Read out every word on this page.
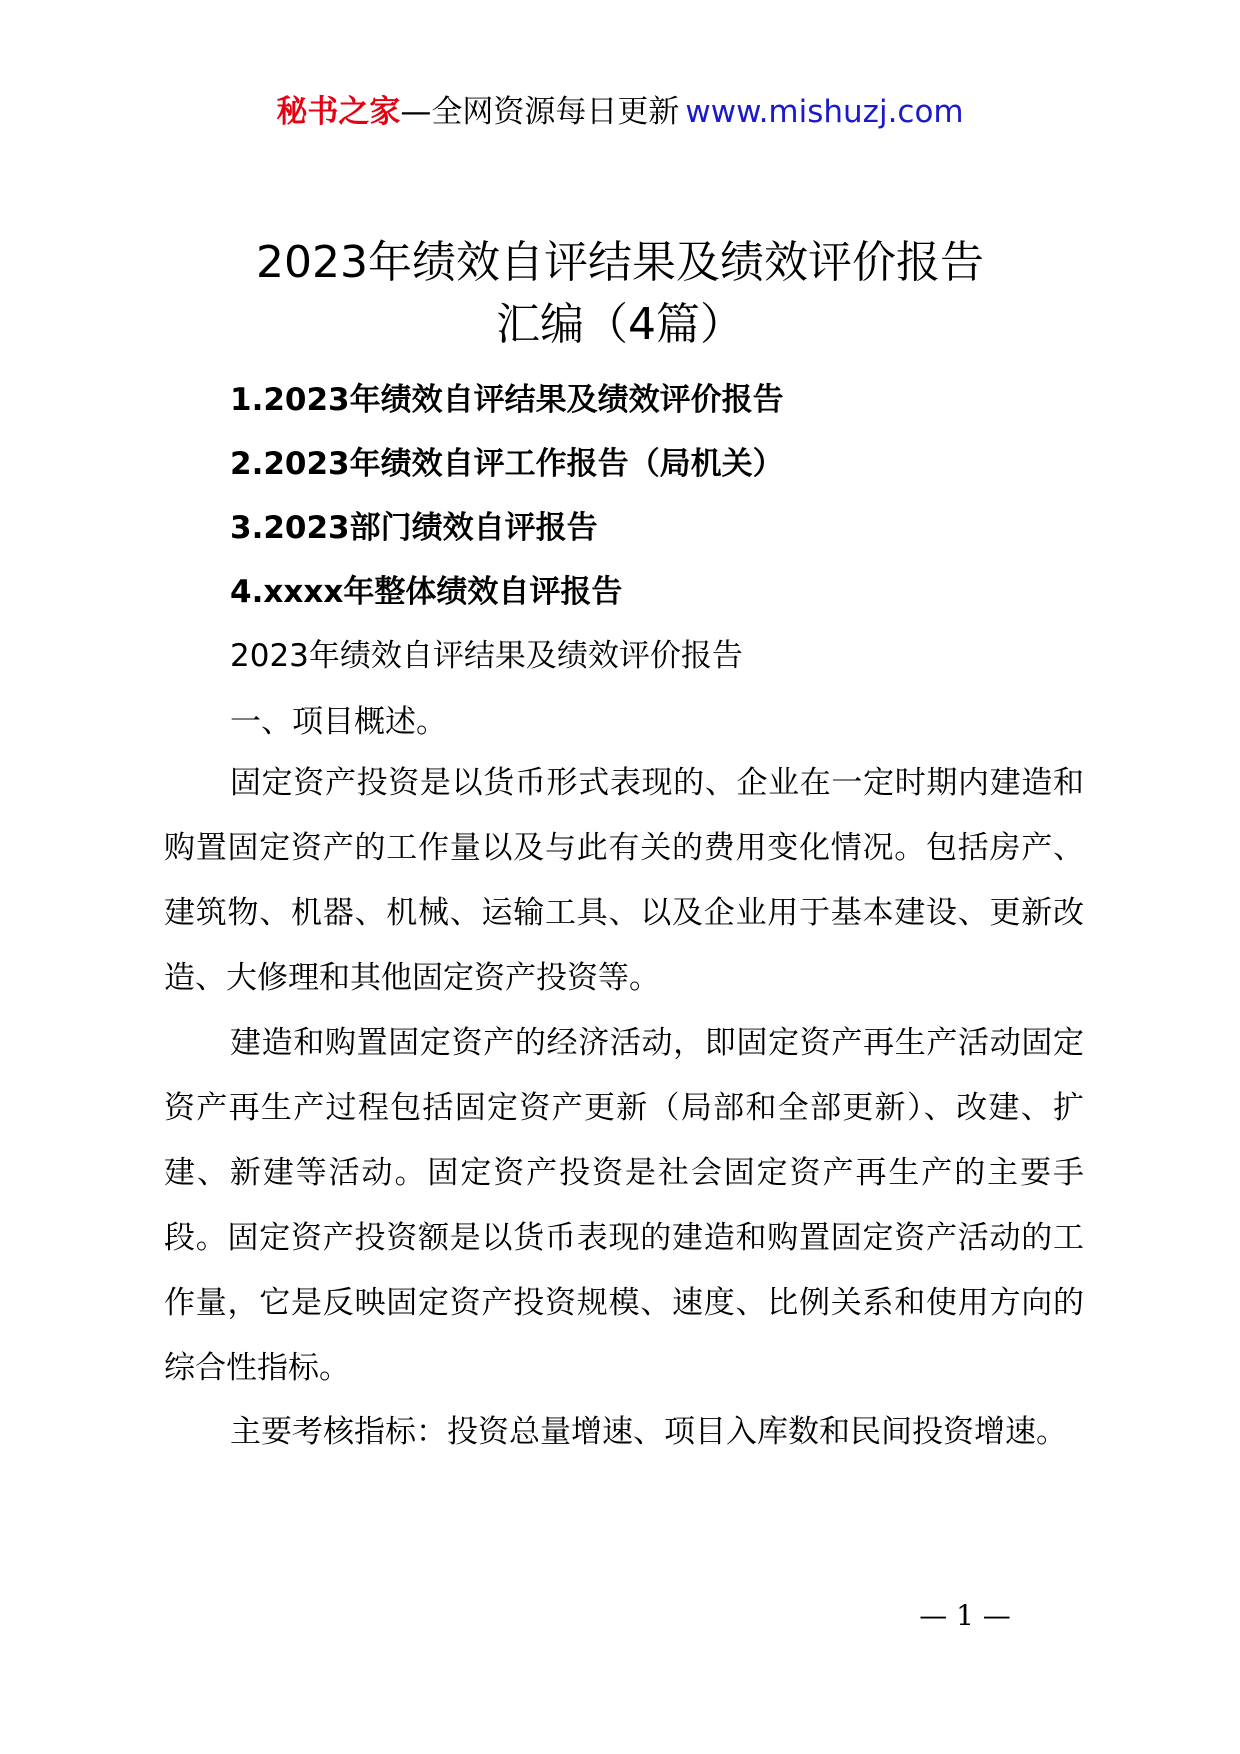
秘书之家—全网资源每日更新 www.mishuzj.com
2023年绩效自评结果及绩效评价报告
汇编（4篇）
1.2023年绩效自评结果及绩效评价报告
2.2023年绩效自评工作报告（局机关）
3.2023部门绩效自评报告
4.xxxx年整体绩效自评报告
2023年绩效自评结果及绩效评价报告
一、项目概述。
固定资产投资是以货币形式表现的、企业在一定时期内建造和购置固定资产的工作量以及与此有关的费用变化情况。包括房产、建筑物、机器、机械、运输工具、以及企业用于基本建设、更新改造、大修理和其他固定资产投资等。
建造和购置固定资产的经济活动，即固定资产再生产活动固定资产再生产过程包括固定资产更新（局部和全部更新）、改建、扩建、新建等活动。固定资产投资是社会固定资产再生产的主要手段。固定资产投资额是以货币表现的建造和购置固定资产活动的工作量，它是反映固定资产投资规模、速度、比例关系和使用方向的综合性指标。
主要考核指标：投资总量增速、项目入库数和民间投资增速。
— 1 —
